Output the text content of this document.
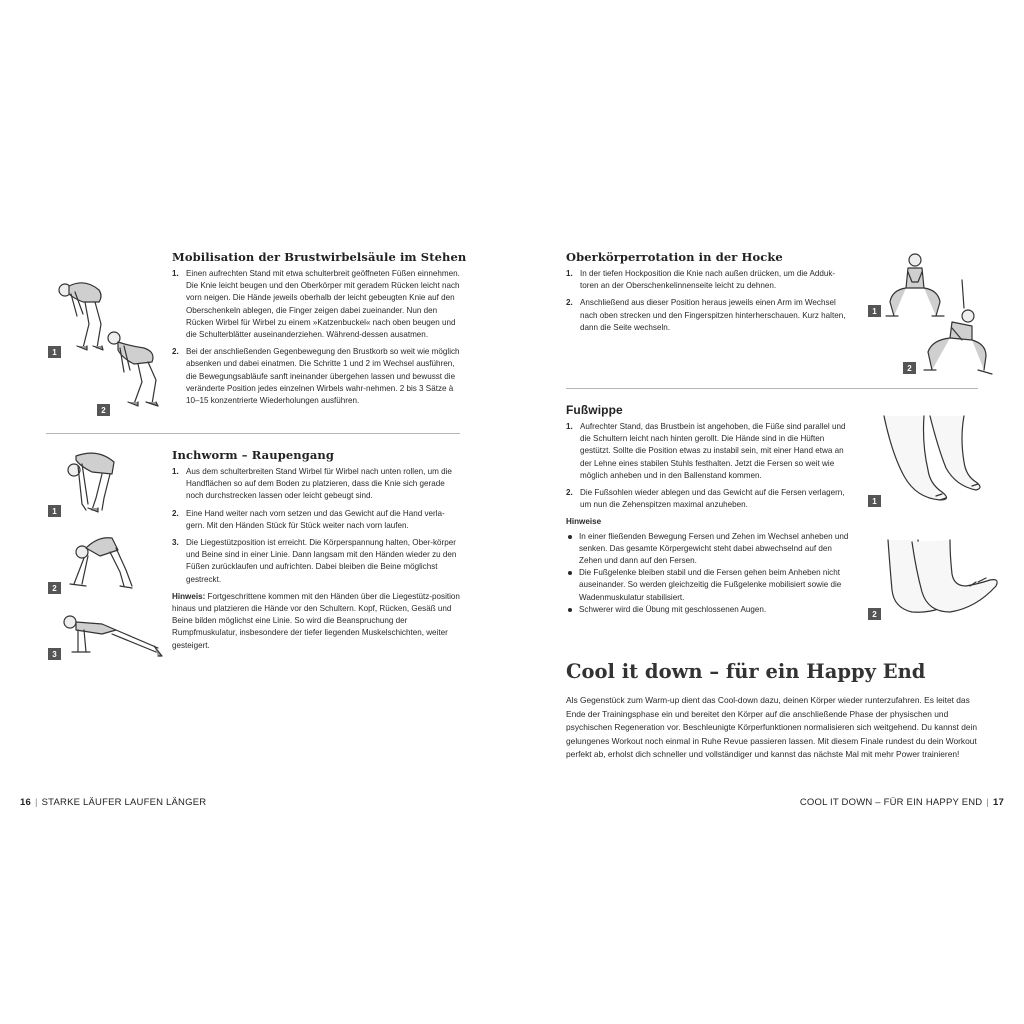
1
2
Mobilisation der Brustwirbelsäule im Stehen
1. Einen aufrechten Stand mit etwa schulterbreit geöffneten Füßen einnehmen. Die Knie leicht beugen und den Oberkörper mit geradem Rücken leicht nach vorn neigen. Die Hände jeweils oberhalb der leicht gebeugten Knie auf den Oberschenkeln ablegen, die Finger zeigen dabei zueinander. Nun den Rücken Wirbel für Wirbel zu einem »Katzenbuckel« nach oben beugen und die Schulterblätter auseinanderziehen. Während-dessen ausatmen.
2. Bei der anschließenden Gegenbewegung den Brustkorb so weit wie möglich absenken und dabei einatmen. Die Schritte 1 und 2 im Wechsel ausführen, die Bewegungsabläufe sanft ineinander übergehen lassen und bewusst die veränderte Position jedes einzelnen Wirbels wahr-nehmen. 2 bis 3 Sätze à 10–15 konzentrierte Wiederholungen ausführen.
1
2
3
Inchworm – Raupengang
1. Aus dem schulterbreiten Stand Wirbel für Wirbel nach unten rollen, um die Handflächen so auf dem Boden zu platzieren, dass die Knie sich gerade noch durchstrecken lassen oder leicht gebeugt sind.
2. Eine Hand weiter nach vorn setzen und das Gewicht auf die Hand verla-gern. Mit den Händen Stück für Stück weiter nach vorn laufen.
3. Die Liegestützposition ist erreicht. Die Körperspannung halten, Ober-körper und Beine sind in einer Linie. Dann langsam mit den Händen wieder zu den Füßen zurücklaufen und aufrichten. Dabei bleiben die Beine möglichst gestreckt.
Hinweis: Fortgeschrittene kommen mit den Händen über die Liegestütz-position hinaus und platzieren die Hände vor den Schultern. Kopf, Rücken, Gesäß und Beine bilden möglichst eine Linie. So wird die Beanspruchung der Rumpfmuskulatur, insbesondere der tiefer liegenden Muskelschichten, weiter gesteigert.
16 | STARKE LÄUFER LAUFEN LÄNGER
Oberkörperrotation in der Hocke
1. In der tiefen Hockposition die Knie nach außen drücken, um die Adduk-toren an der Oberschenkelinnenseite leicht zu dehnen.
2. Anschließend aus dieser Position heraus jeweils einen Arm im Wechsel nach oben strecken und den Fingerspitzen hinterherschauen. Kurz halten, dann die Seite wechseln.
1
2
Fußwippe
1. Aufrechter Stand, das Brustbein ist angehoben, die Füße sind parallel und die Schultern leicht nach hinten gerollt. Die Hände sind in die Hüften gestützt. Sollte die Position etwas zu instabil sein, mit einer Hand etwa an der Lehne eines stabilen Stuhls festhalten. Jetzt die Fersen so weit wie möglich anheben und in den Ballenstand kommen.
2. Die Fußsohlen wieder ablegen und das Gewicht auf die Fersen verlagern, um nun die Zehenspitzen maximal anzuheben.
Hinweise
In einer fließenden Bewegung Fersen und Zehen im Wechsel anheben und senken. Das gesamte Körpergewicht steht dabei abwechselnd auf den Zehen und dann auf den Fersen.
Die Fußgelenke bleiben stabil und die Fersen gehen beim Anheben nicht auseinander. So werden gleichzeitig die Fußgelenke mobilisiert sowie die Wadenmuskulatur stabilisiert.
Schwerer wird die Übung mit geschlossenen Augen.
1
2
Cool it down – für ein Happy End

Als Gegenstück zum Warm-up dient das Cool-down dazu, deinen Körper wieder runterzufahren. Es leitet das Ende der Trainingsphase ein und bereitet den Körper auf die anschließende Phase der physischen und psychischen Regeneration vor. Beschleunigte Körperfunktionen normalisieren sich weitgehend. Du kannst dein gelungenes Workout noch einmal in Ruhe Revue passieren lassen. Mit diesem Finale rundest du dein Workout perfekt ab, erholst dich schneller und vollständiger und kannst das nächste Mal mit mehr Power trainieren!

COOL IT DOWN – FÜR EIN HAPPY END | 17
